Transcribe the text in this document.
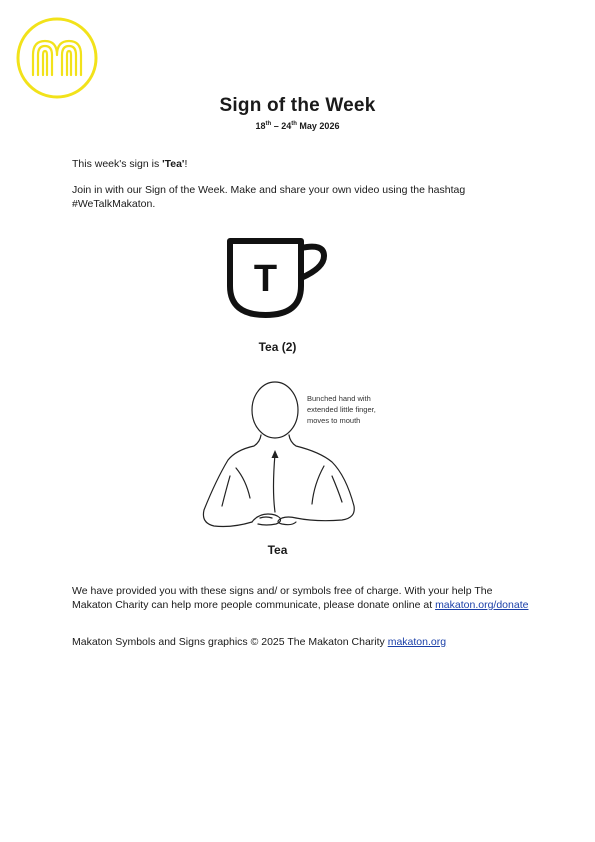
Sign of the Week
18th – 24th May 2026
This week's sign is 'Tea'!
Join in with our Sign of the Week. Make and share your own video using the hashtag #WeTalkMakaton.
T
Tea (2)
Bunched hand with
extended little finger,
moves to mouth
Tea
We have provided you with these signs and/ or symbols free of charge. With your help The Makaton Charity can help more people communicate, please donate online at makaton.org/donate
Makaton Symbols and Signs graphics © 2025 The Makaton Charity makaton.org
